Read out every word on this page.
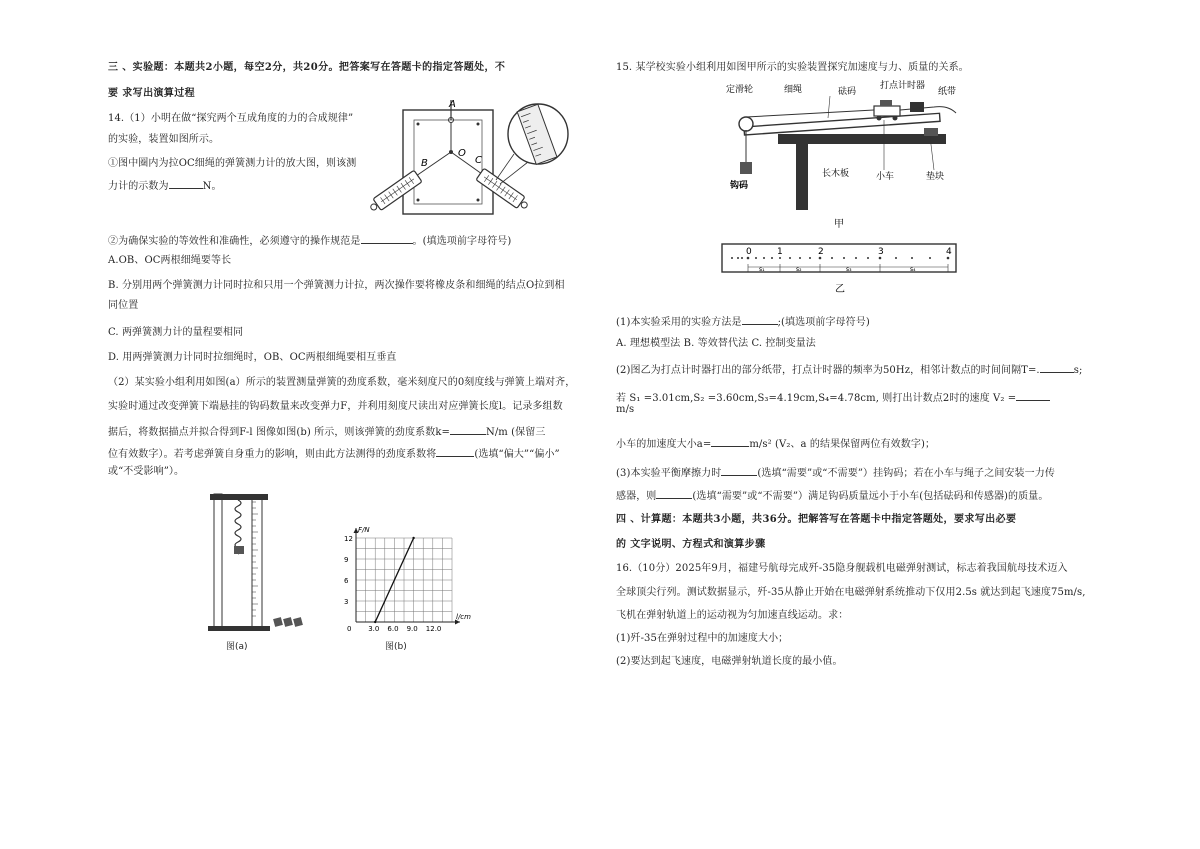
三 、实验题：本题共2小题，每空2分，共20分。把答案写在答题卡的指定答题处，不
要 求写出演算过程
14.（1）小明在做“探究两个互成角度的力的合成规律”
的实验，装置如图所示。
①图中圈内为拉OC细绳的弹簧测力计的放大图，则该测
力计的示数为	N。
A
B
O
C
②为确保实验的等效性和准确性，必须遵守的操作规范是	。(填选项前字母符号)
A.OB、OC两根细绳要等长
B. 分别用两个弹簧测力计同时拉和只用一个弹簧测力计拉，两次操作要将橡皮条和细绳的结点O拉到相
同位置
C. 两弹簧测力计的量程要相同
D. 用两弹簧测力计同时拉细绳时，OB、OC两根细绳要相互垂直
（2）某实验小组利用如图(a）所示的装置测量弹簧的劲度系数，毫米刻度尺的0刻度线与弹簧上端对齐，
实验时通过改变弹簧下端悬挂的钩码数量来改变弹力F，并利用刻度尺读出对应弹簧长度l。记录多组数
据后，将数据描点并拟合得到F-l 图像如图(b) 所示，则该弹簧的劲度系数k=	N/m (保留三
位有效数字）。若考虑弹簧自身重力的影响，则由此方法测得的劲度系数将	(选填“偏大”“偏小”
或“不受影响”）。
图(a)
3.0 6.0 9.0 12.0
12
9
6
3
0
l/cm
F/N
图(b)
15. 某学校实验小组利用如图甲所示的实验装置探究加速度与力、质量的关系。
定滑轮	细绳	砝码
打点计时器
纸带
钩码
长木板	小车	垫块
甲
0	1	2	3	4
s₁	s₂	s₃	s₄
乙
(1)本实验采用的实验方法是	;(填选项前字母符号)
A. 理想模型法 B. 等效替代法 C. 控制变量法
(2)图乙为打点计时器打出的部分纸带，打点计时器的频率为50Hz，相邻计数点的时间间隔T=.	s;
若 S₁ =3.01cm,S₂ =3.60cm,S₃=4.19cm,S₄=4.78cm, 则打出计数点2时的速度 V₂ =
m/s
小车的加速度大小a=	m/s² (V₂、a 的结果保留两位有效数字)；
(3)本实验平衡摩擦力时	(选填“需要”或“不需要”）挂钩码；若在小车与绳子之间安装一力传
感器，则	(选填“需要”或“不需要”）满足钩码质量远小于小车(包括砝码和传感器)的质量。
四 、计算题：本题共3小题，共36分。把解答写在答题卡中指定答题处，要求写出必要
的 文字说明、方程式和演算步骤
16.（10分）2025年9月，福建号航母完成歼-35隐身舰载机电磁弹射测试，标志着我国航母技术迈入
全球顶尖行列。测试数据显示，歼-35从静止开始在电磁弹射系统推动下仅用2.5s 就达到起飞速度75m/s,
飞机在弹射轨道上的运动视为匀加速直线运动。求：
(1)歼-35在弹射过程中的加速度大小；
(2)要达到起飞速度，电磁弹射轨道长度的最小值。
